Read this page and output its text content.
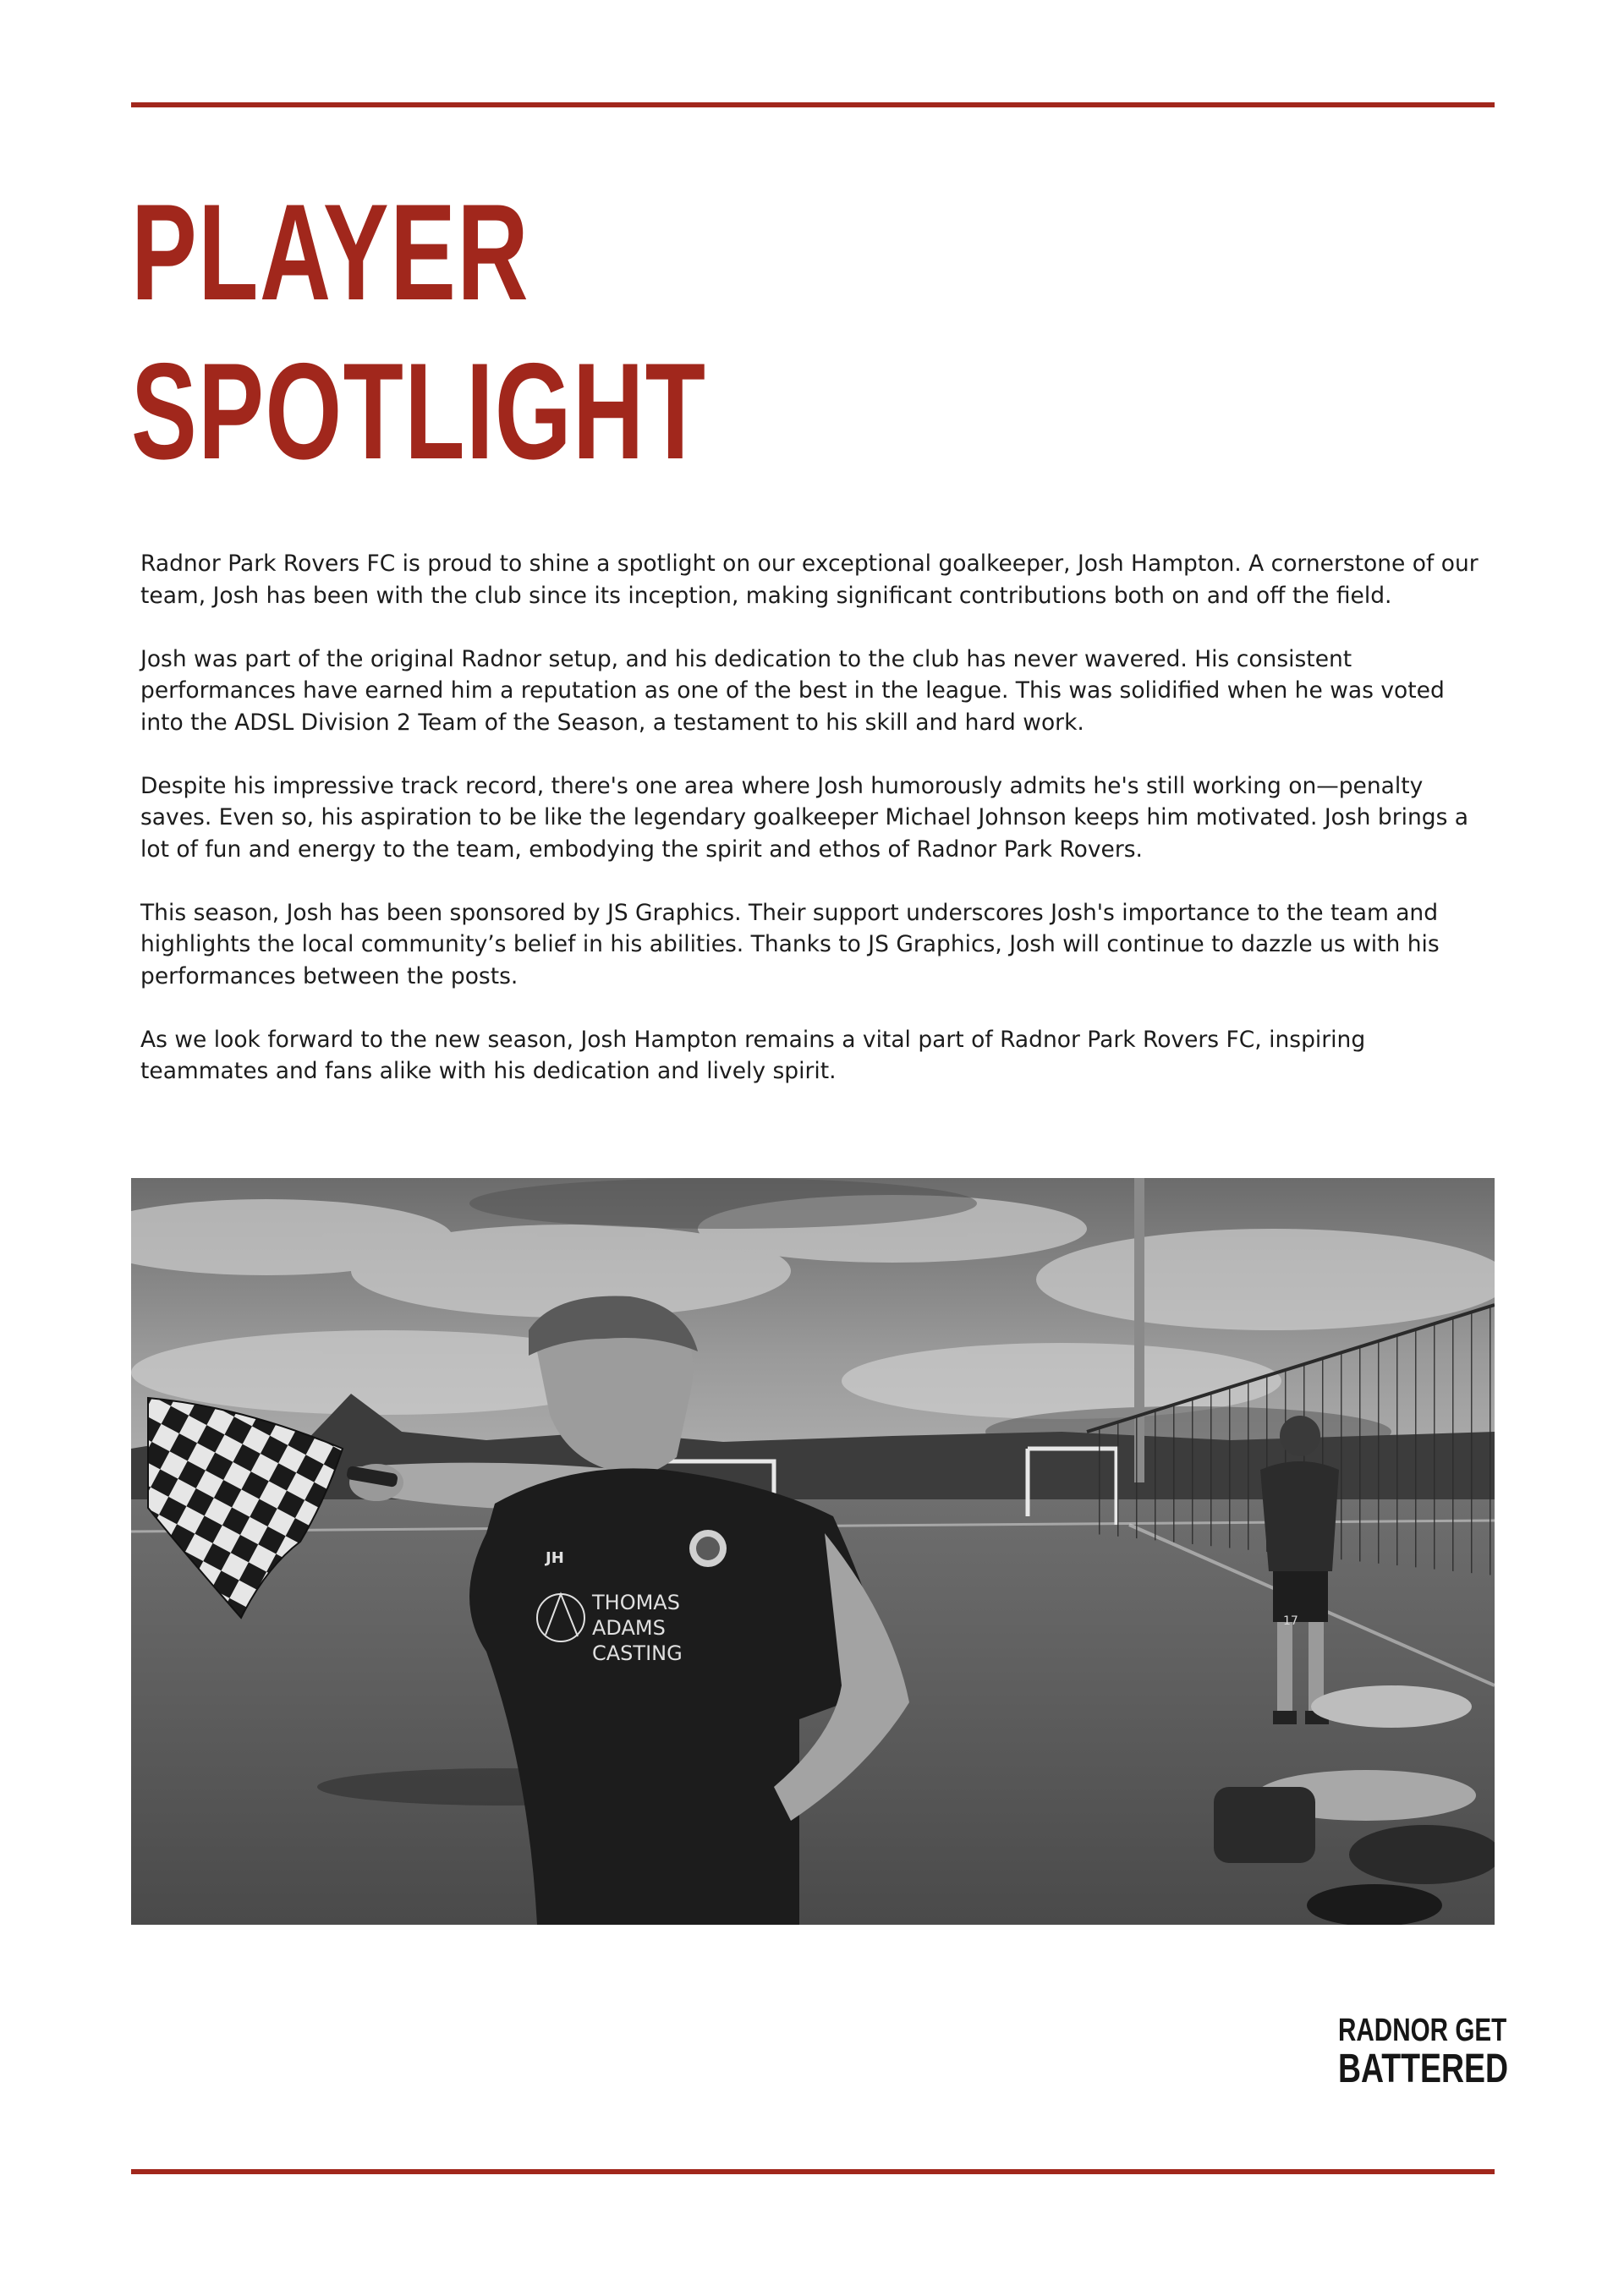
PLAYER
SPOTLIGHT

Radnor Park Rovers FC is proud to shine a spotlight on our exceptional goalkeeper, Josh Hampton. A cornerstone of our team, Josh has been with the club since its inception, making significant contributions both on and off the field.

Josh was part of the original Radnor setup, and his dedication to the club has never wavered. His consistent performances have earned him a reputation as one of the best in the league. This was solidified when he was voted into the ADSL Division 2 Team of the Season, a testament to his skill and hard work.

Despite his impressive track record, there's one area where Josh humorously admits he's still working on—penalty saves. Even so, his aspiration to be like the legendary goalkeeper Michael Johnson keeps him motivated. Josh brings a lot of fun and energy to the team, embodying the spirit and ethos of Radnor Park Rovers.

This season, Josh has been sponsored by JS Graphics. Their support underscores Josh's importance to the team and highlights the local community’s belief in his abilities. Thanks to JS Graphics, Josh will continue to dazzle us with his performances between the posts.

As we look forward to the new season, Josh Hampton remains a vital part of Radnor Park Rovers FC, inspiring teammates and fans alike with his dedication and lively spirit.

17
JH
THOMAS
ADAMS
CASTING
RADNOR GET
BATTERED
